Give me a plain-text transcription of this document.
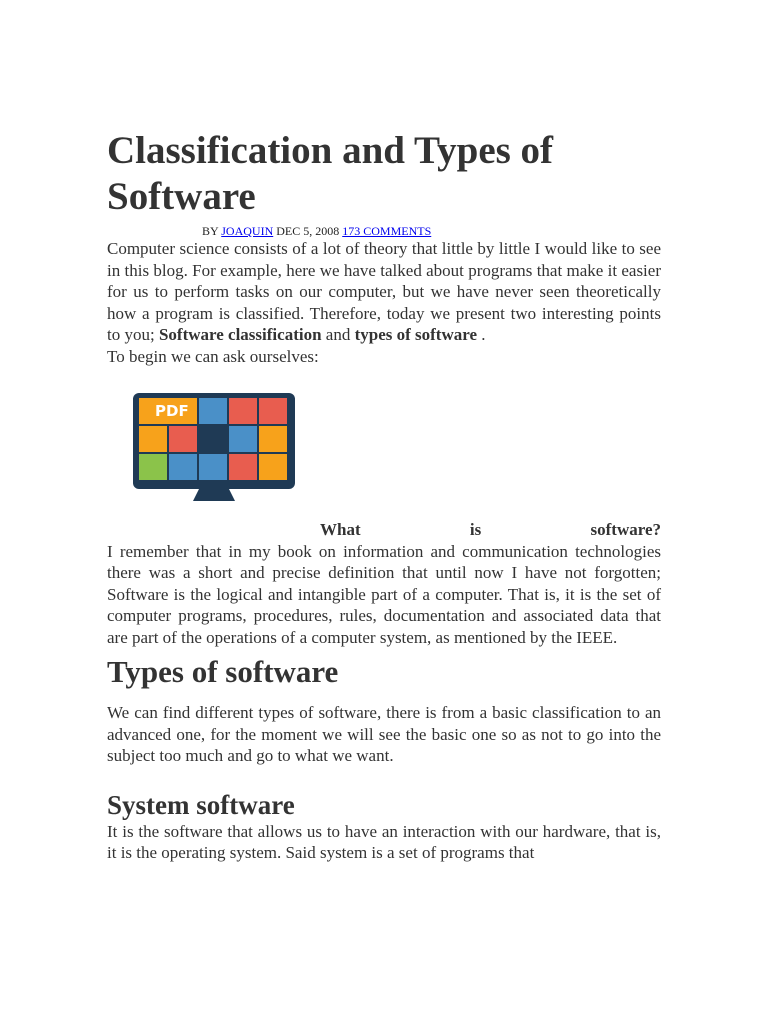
Classification and Types of Software
BY JOAQUIN DEC 5, 2008 173 COMMENTS

Computer science consists of a lot of theory that little by little I would like to see in this blog. For example, here we have talked about programs that make it easier for us to perform tasks on our computer, but we have never seen theoretically how a program is classified. Therefore, today we present two interesting points to you; Software classification and types of software .

To begin we can ask ourselves:

PDF
What	is	software?

I remember that in my book on information and communication technologies there was a short and precise definition that until now I have not forgotten; Software is the logical and intangible part of a computer. That is, it is the set of computer programs, procedures, rules, documentation and associated data that are part of the operations of a computer system, as mentioned by the IEEE.

Types of software

We can find different types of software, there is from a basic classification to an advanced one, for the moment we will see the basic one so as not to go into the subject too much and go to what we want.

System software

It is the software that allows us to have an interaction with our hardware, that is, it is the operating system. Said system is a set of programs that
